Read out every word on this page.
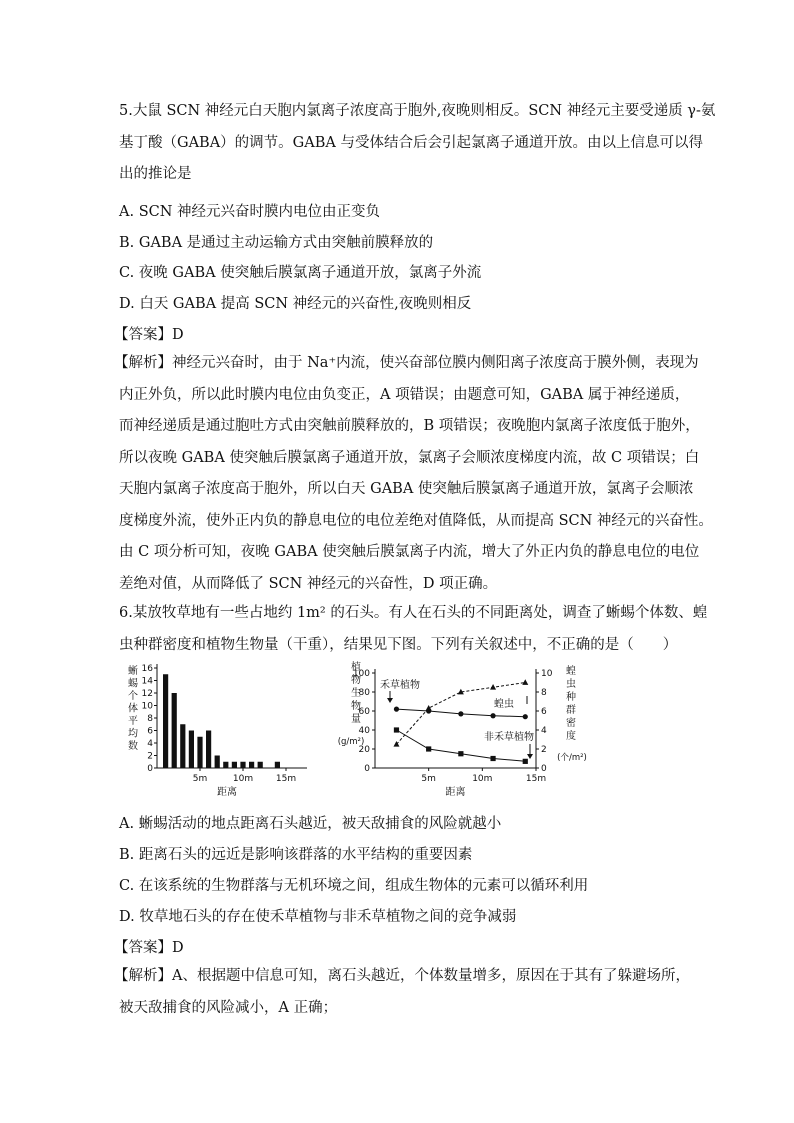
5.大鼠 SCN 神经元白天胞内氯离子浓度高于胞外,夜晚则相反。SCN 神经元主要受递质 γ-氨
基丁酸（GABA）的调节。GABA 与受体结合后会引起氯离子通道开放。由以上信息可以得
出的推论是
A. SCN 神经元兴奋时膜内电位由正变负
B. GABA 是通过主动运输方式由突触前膜释放的
C. 夜晚 GABA 使突触后膜氯离子通道开放，氯离子外流
D. 白天 GABA 提高 SCN 神经元的兴奋性,夜晚则相反
【答案】D
【解析】神经元兴奋时，由于 Na⁺内流，使兴奋部位膜内侧阳离子浓度高于膜外侧，表现为
内正外负，所以此时膜内电位由负变正，A 项错误；由题意可知，GABA 属于神经递质，
而神经递质是通过胞吐方式由突触前膜释放的，B 项错误；夜晚胞内氯离子浓度低于胞外，
所以夜晚 GABA 使突触后膜氯离子通道开放，氯离子会顺浓度梯度内流，故 C 项错误；白
天胞内氯离子浓度高于胞外，所以白天 GABA 使突触后膜氯离子通道开放，氯离子会顺浓
度梯度外流，使外正内负的静息电位的电位差绝对值降低，从而提高 SCN 神经元的兴奋性。
由 C 项分析可知，夜晚 GABA 使突触后膜氯离子内流，增大了外正内负的静息电位的电位
差绝对值，从而降低了 SCN 神经元的兴奋性，D 项正确。
6.某放牧草地有一些占地约 1m² 的石头。有人在石头的不同距离处，调查了蜥蜴个体数、蝗
虫种群密度和植物生物量（干重），结果见下图。下列有关叙述中，不正确的是（　　）
0
2
4
6
8
10
12
14
16
蜥
蜴
个
体
平
均
数
5m	10m	15m
距离
0
20
40
60
80
100
0
2
4
6
8
10
植
物
生
物
量
(g/m²)
蝗
虫
种
群
密
度
(个/m²)
5m	10m	15m
距离
禾草植物
蝗虫
非禾草植物
A. 蜥蜴活动的地点距离石头越近，被天敌捕食的风险就越小
B. 距离石头的远近是影响该群落的水平结构的重要因素
C. 在该系统的生物群落与无机环境之间，组成生物体的元素可以循环利用
D. 牧草地石头的存在使禾草植物与非禾草植物之间的竞争减弱
【答案】D
【解析】A、根据题中信息可知，离石头越近，个体数量增多，原因在于其有了躲避场所，
被天敌捕食的风险减小，A 正确；
